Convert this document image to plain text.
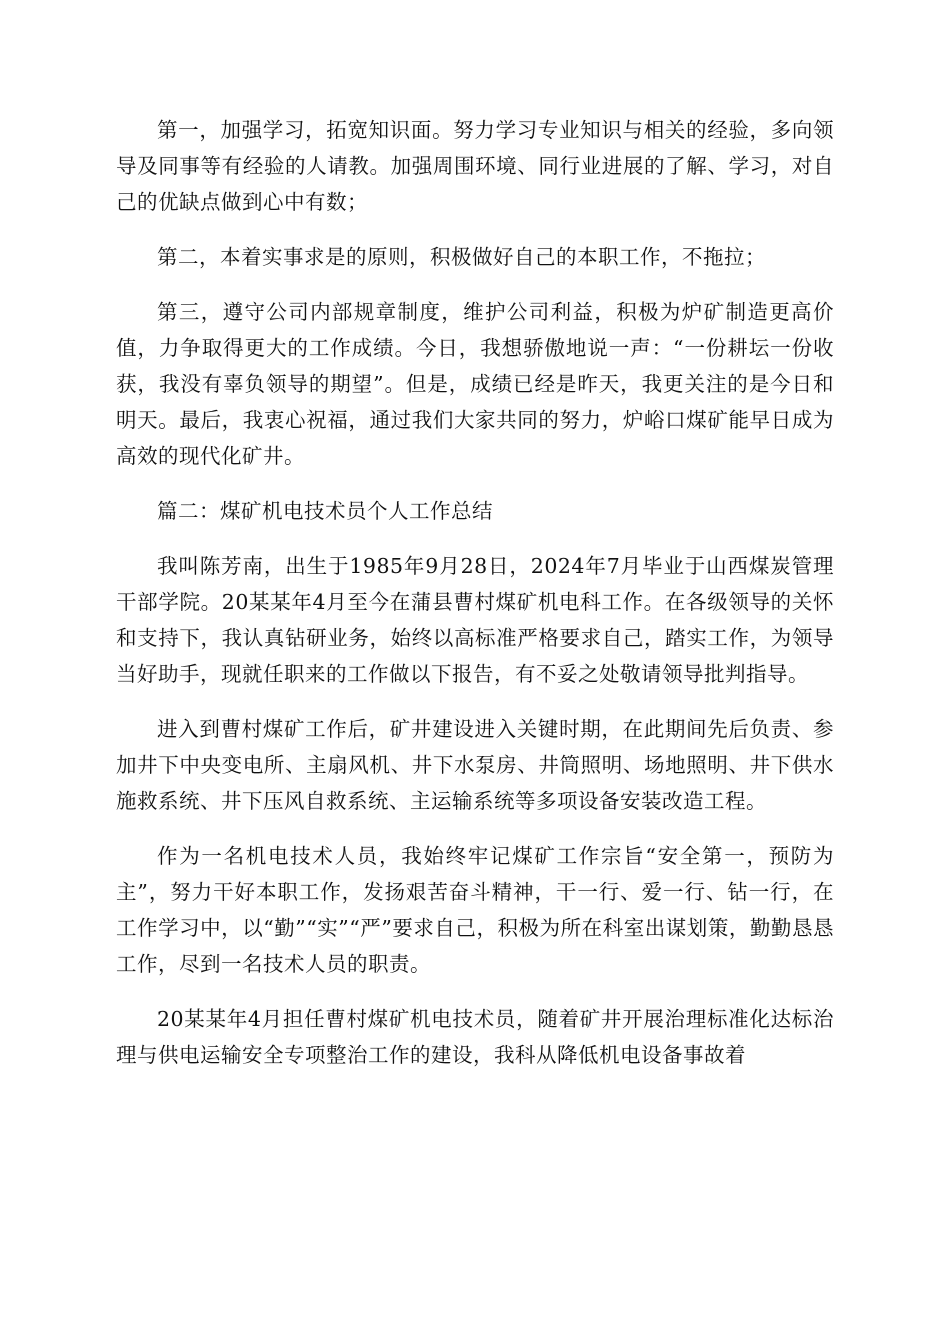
第一，加强学习，拓宽知识面。努力学习专业知识与相关的经验，多向领导及同事等有经验的人请教。加强周围环境、同行业进展的了解、学习，对自己的优缺点做到心中有数；

第二，本着实事求是的原则，积极做好自己的本职工作，不拖拉；

第三，遵守公司内部规章制度，维护公司利益，积极为炉矿制造更高价值，力争取得更大的工作成绩。今日，我想骄傲地说一声：“一份耕坛一份收获，我没有辜负领导的期望”。但是，成绩已经是昨天，我更关注的是今日和明天。最后，我衷心祝福，通过我们大家共同的努力，炉峪口煤矿能早日成为高效的现代化矿井。

篇二：煤矿机电技术员个人工作总结

我叫陈芳南，出生于1985年9月28日，2024年7月毕业于山西煤炭管理干部学院。20某某年4月至今在蒲县曹村煤矿机电科工作。在各级领导的关怀和支持下，我认真钻研业务，始终以高标准严格要求自己，踏实工作，为领导当好助手，现就任职来的工作做以下报告，有不妥之处敬请领导批判指导。

进入到曹村煤矿工作后，矿井建设进入关键时期，在此期间先后负责、参加井下中央变电所、主扇风机、井下水泵房、井筒照明、场地照明、井下供水施救系统、井下压风自救系统、主运输系统等多项设备安装改造工程。

作为一名机电技术人员，我始终牢记煤矿工作宗旨“安全第一，预防为主”，努力干好本职工作，发扬艰苦奋斗精神，干一行、爱一行、钻一行，在工作学习中，以“勤”“实”“严”要求自己，积极为所在科室出谋划策，勤勤恳恳工作，尽到一名技术人员的职责。

20某某年4月担任曹村煤矿机电技术员，随着矿井开展治理标准化达标治理与供电运输安全专项整治工作的建设，我科从降低机电设备事故着
